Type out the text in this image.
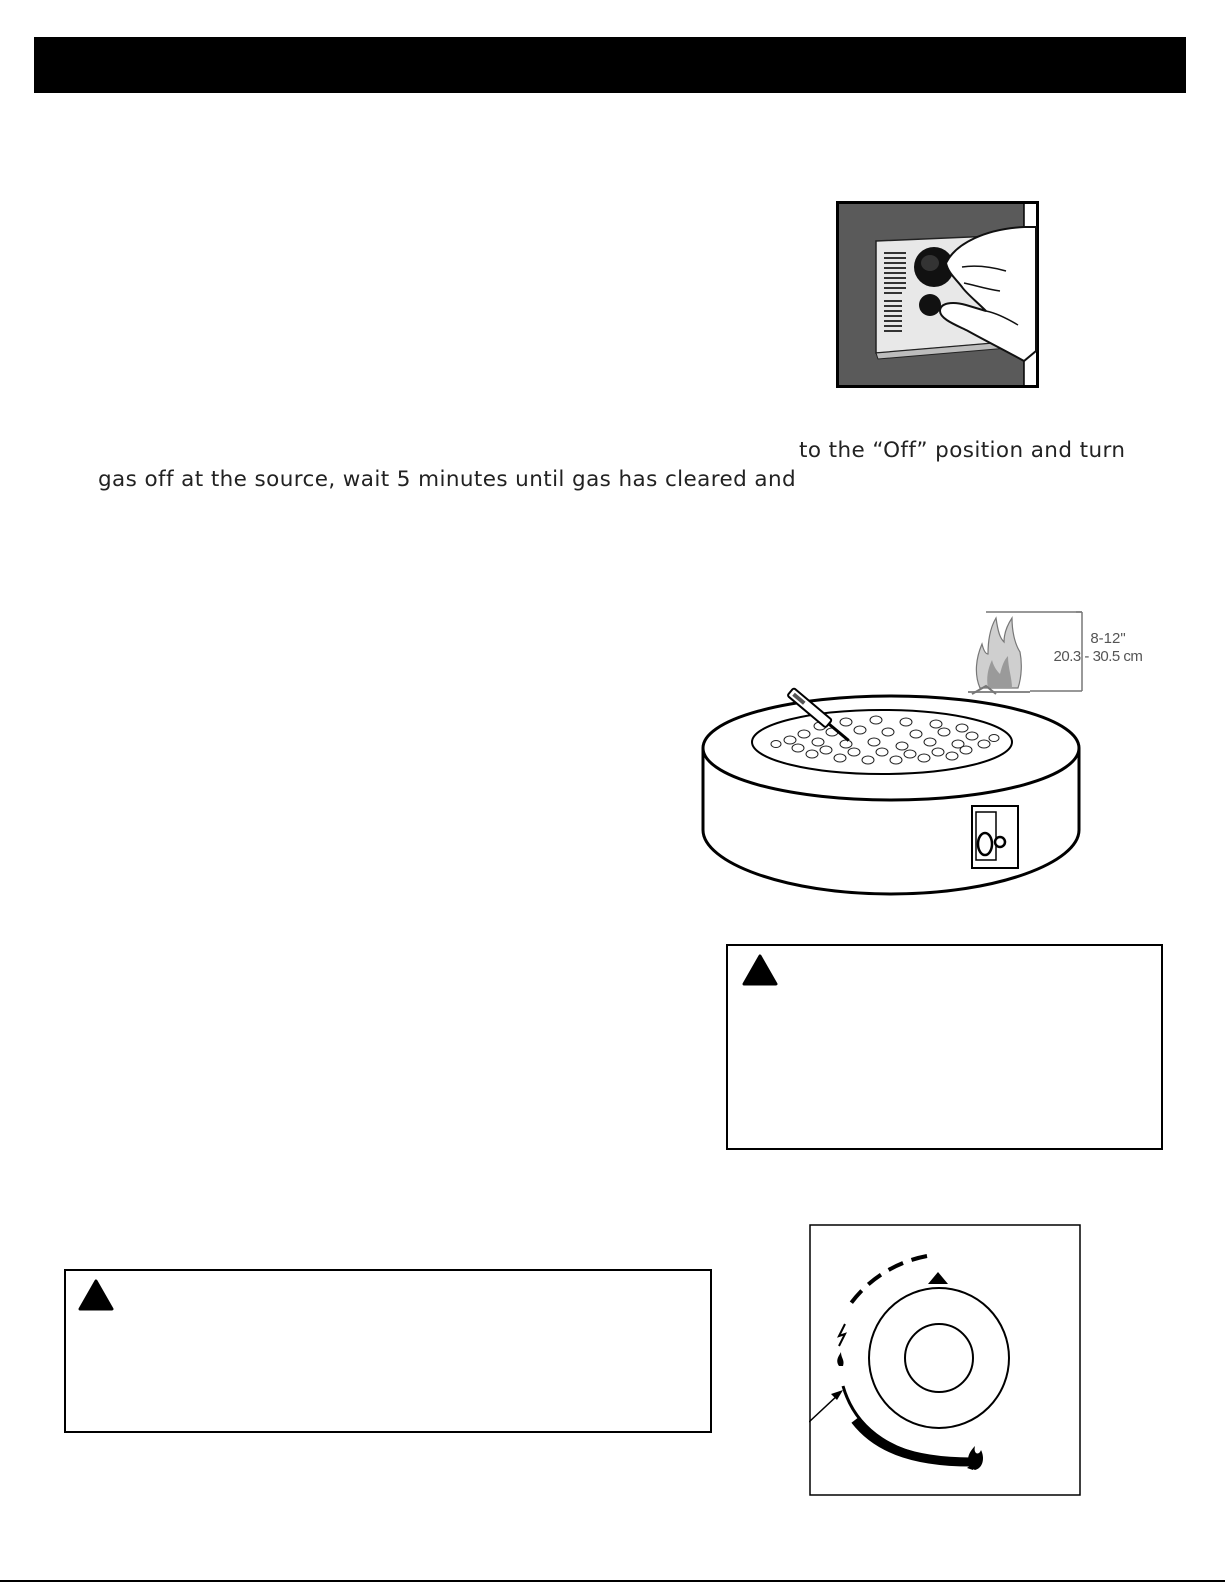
8-12"
20.3 - 30.5 cm
to the “Off” position and turn
gas off at the source, wait 5 minutes until gas has cleared and
